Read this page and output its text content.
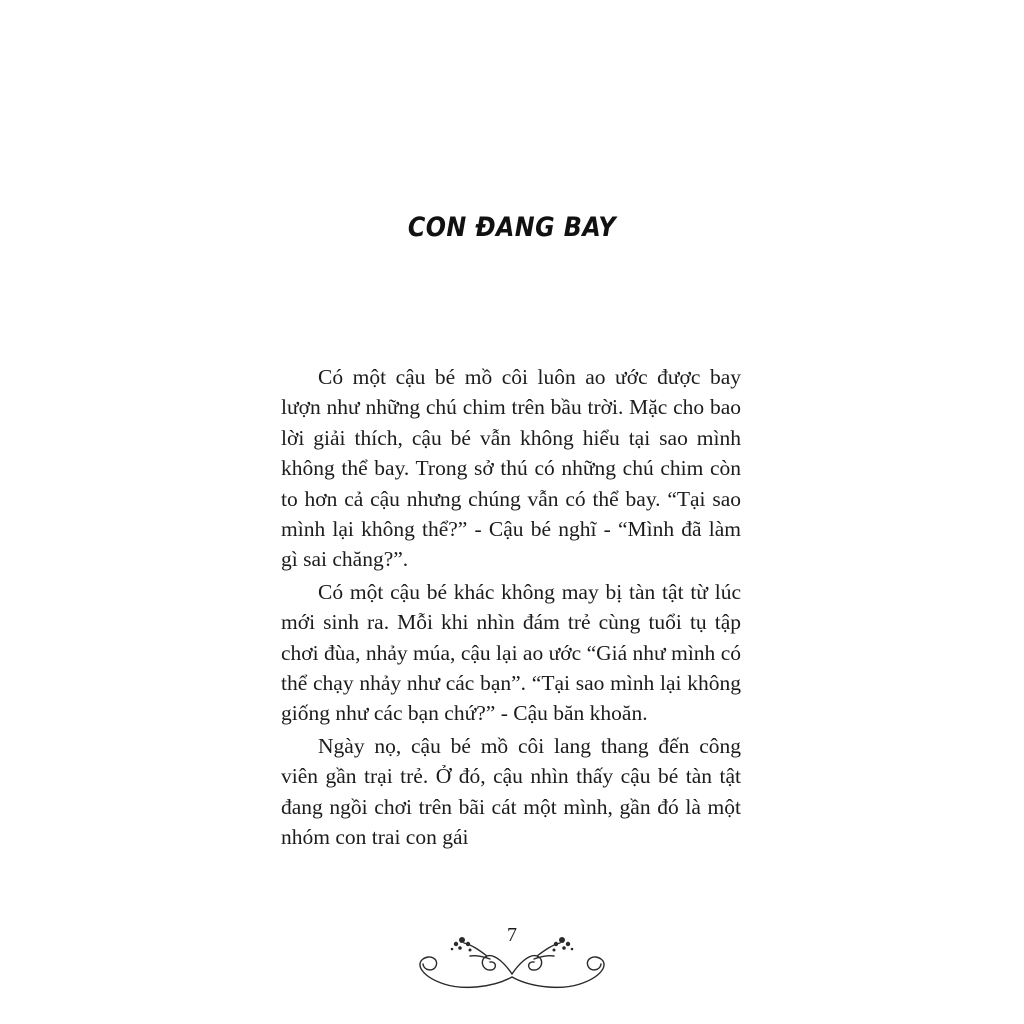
CON ĐANG BAY

Có một cậu bé mồ côi luôn ao ước được bay lượn như những chú chim trên bầu trời. Mặc cho bao lời giải thích, cậu bé vẫn không hiểu tại sao mình không thể bay. Trong sở thú có những chú chim còn to hơn cả cậu nhưng chúng vẫn có thể bay. “Tại sao mình lại không thể?” - Cậu bé nghĩ - “Mình đã làm gì sai chăng?”.

Có một cậu bé khác không may bị tàn tật từ lúc mới sinh ra. Mỗi khi nhìn đám trẻ cùng tuổi tụ tập chơi đùa, nhảy múa, cậu lại ao ước “Giá như mình có thể chạy nhảy như các bạn”. “Tại sao mình lại không giống như các bạn chứ?” - Cậu băn khoăn.

Ngày nọ, cậu bé mồ côi lang thang đến công viên gần trại trẻ. Ở đó, cậu nhìn thấy cậu bé tàn tật đang ngồi chơi trên bãi cát một mình, gần đó là một nhóm con trai con gái

7
